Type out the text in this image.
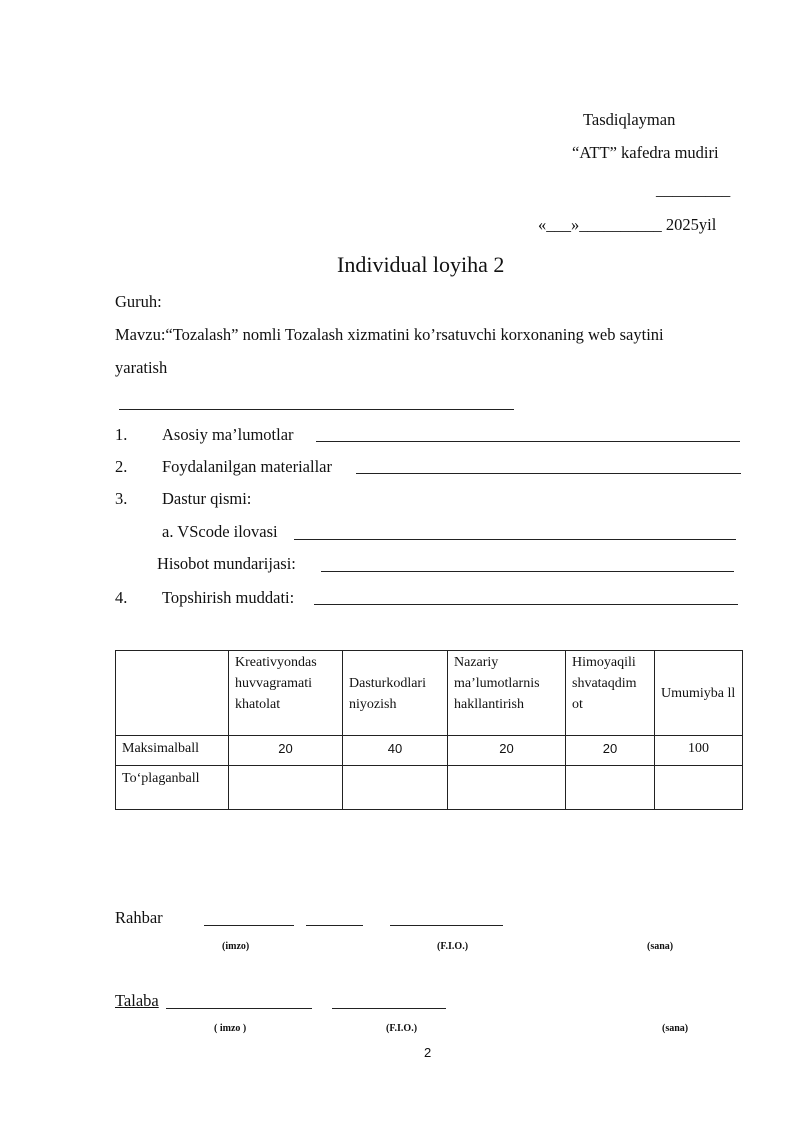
Tasdiqlayman
“ATT” kafedra mudiri
_________
«___»__________ 2025yil
Individual loyiha 2
Guruh:
Mavzu:“Tozalash” nomli Tozalash xizmatini ko’rsatuvchi korxonaning web saytini
yaratish
1. Asosiy ma’lumotlar
2. Foydalanilgan materiallar
3. Dastur qismi:
a. VScode ilovasi
Hisobot mundarijasi:
4. Topshirish muddati:
	Kreativyondas huvvagramati khatolat	Dasturkodlari niyozish	Nazariy ma’lumotlarnis hakllantirish	Himoyaqili shvataqdim ot	Umumiyba ll
Maksimalball	20	40	20	20	100
To‘plaganball					
Rahbar
(imzo)	(F.I.O.)	(sana)
Talaba
( imzo )	(F.I.O.)	(sana)
2
